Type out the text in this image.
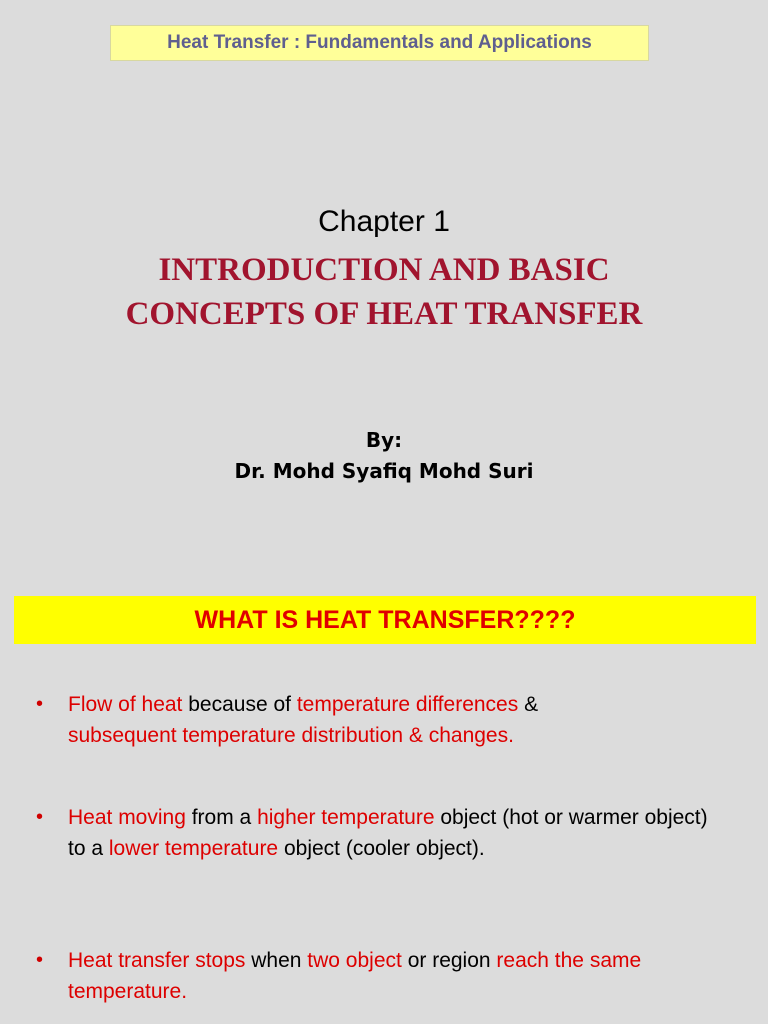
Heat Transfer : Fundamentals and Applications
Chapter 1
INTRODUCTION AND BASIC
CONCEPTS OF HEAT TRANSFER
By:
Dr. Mohd Syafiq Mohd Suri
WHAT IS HEAT TRANSFER????
• Flow of heat because of temperature differences &
subsequent temperature distribution & changes.
• Heat moving from a higher temperature object (hot or warmer object) to a lower temperature object (cooler object).
• Heat transfer stops when two object or region reach the same temperature.
